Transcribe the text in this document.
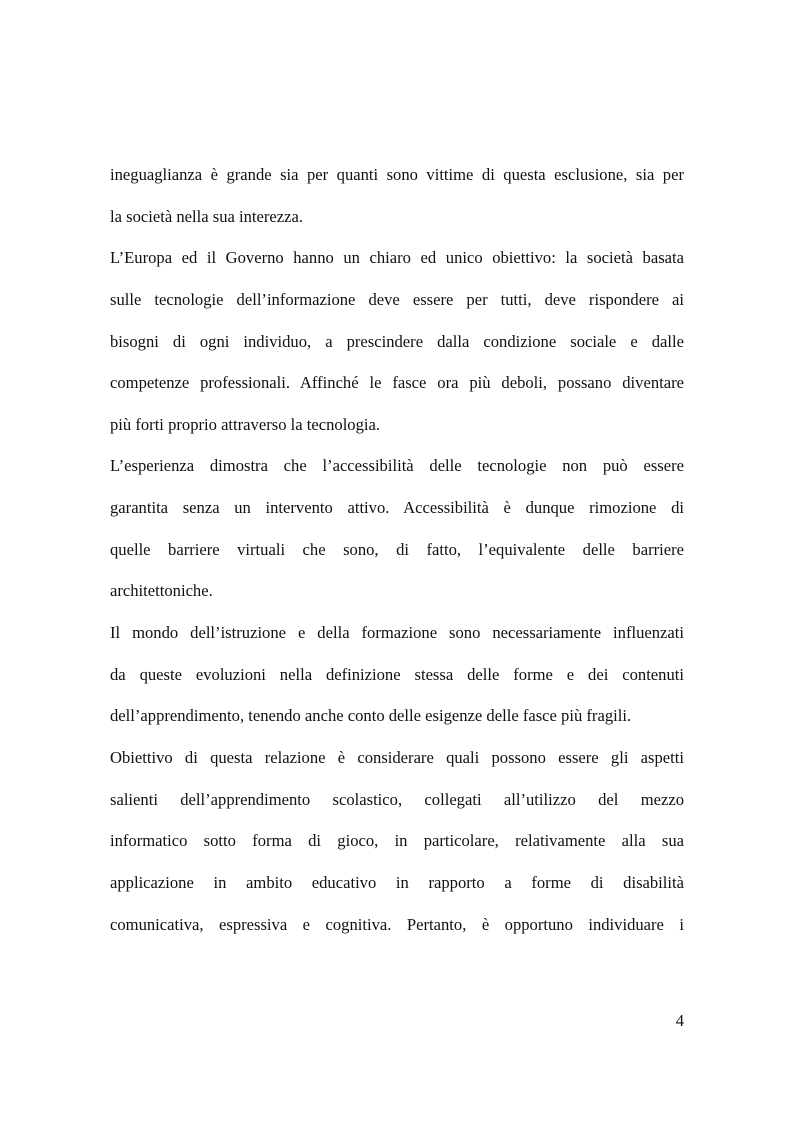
ineguaglianza è grande sia per quanti sono vittime di questa esclusione, sia per
la società nella sua interezza.

L’Europa ed il Governo hanno un chiaro ed unico obiettivo: la società basata
sulle tecnologie dell’informazione deve essere per tutti, deve rispondere ai
bisogni di ogni individuo, a prescindere dalla condizione sociale e dalle
competenze professionali. Affinché le fasce ora più deboli, possano diventare
più forti proprio attraverso la tecnologia.

L’esperienza dimostra che l’accessibilità delle tecnologie non può essere
garantita senza un intervento attivo. Accessibilità è dunque rimozione di
quelle barriere virtuali che sono, di fatto, l’equivalente delle barriere
architettoniche.

Il mondo dell’istruzione e della formazione sono necessariamente influenzati
da queste evoluzioni nella definizione stessa delle forme e dei contenuti
dell’apprendimento, tenendo anche conto delle esigenze delle fasce più fragili.

Obiettivo di questa relazione è considerare quali possono essere gli aspetti
salienti dell’apprendimento scolastico, collegati all’utilizzo del mezzo
informatico sotto forma di gioco, in particolare, relativamente alla sua
applicazione in ambito educativo in rapporto a forme di disabilità
comunicativa, espressiva e cognitiva. Pertanto, è opportuno individuare i

4
